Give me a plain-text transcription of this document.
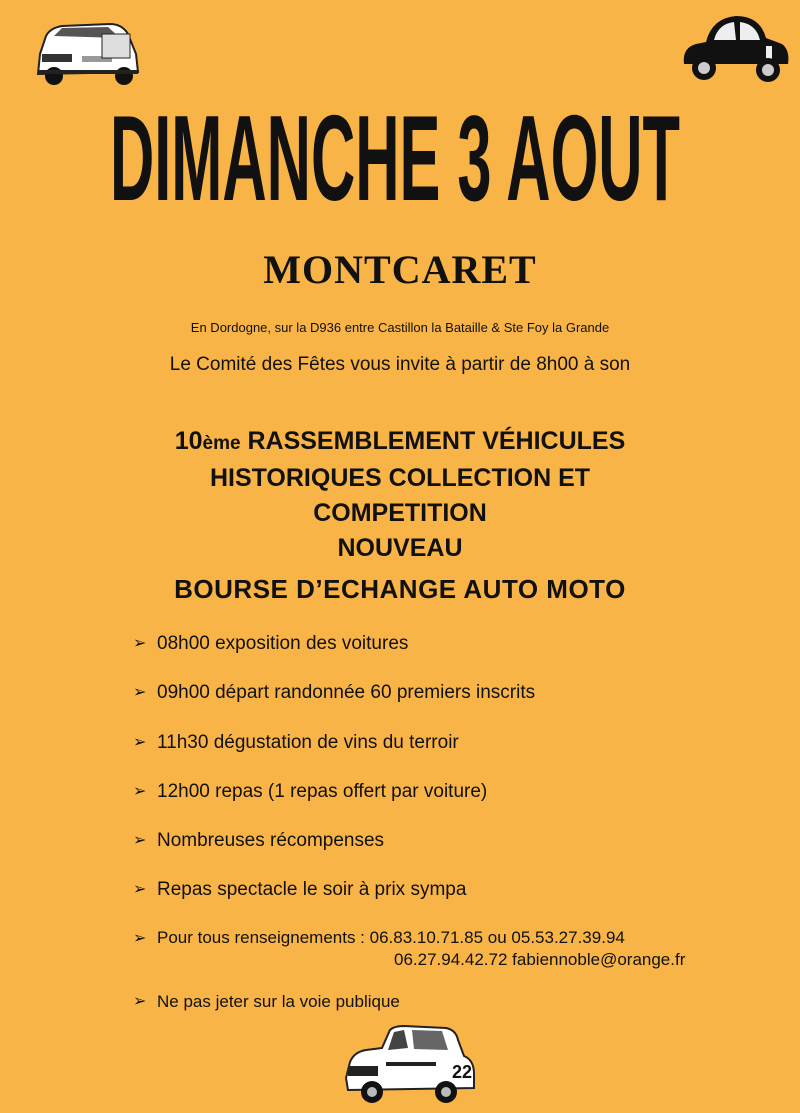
DIMANCHE 3 AOUT
MONTCARET
En Dordogne, sur la D936 entre Castillon la Bataille & Ste Foy la Grande
Le Comité des Fêtes vous invite à partir de 8h00 à son
10ème RASSEMBLEMENT VÉHICULES
HISTORIQUES COLLECTION ET
COMPETITION
NOUVEAU
BOURSE D’ECHANGE AUTO MOTO
➢ 08h00 exposition des voitures
➢ 09h00 départ randonnée 60 premiers inscrits
➢ 11h30 dégustation de vins du terroir
➢ 12h00 repas (1 repas offert par voiture)
➢ Nombreuses récompenses
➢ Repas spectacle le soir à prix sympa
➢ Pour tous renseignements : 06.83.10.71.85 ou 05.53.27.39.94
06.27.94.42.72 fabiennoble@orange.fr
➢ Ne pas jeter sur la voie publique
22
